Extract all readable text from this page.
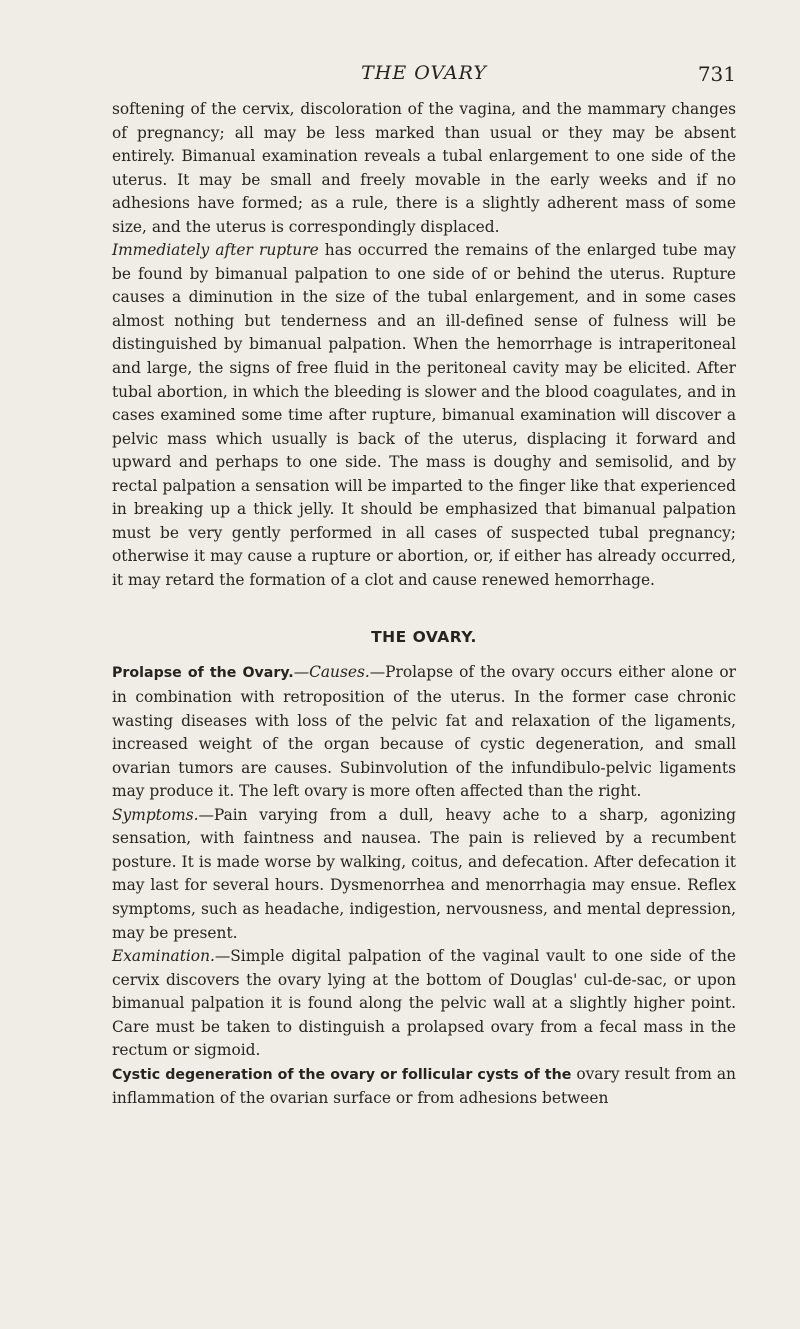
THE OVARY	731

softening of the cervix, discoloration of the vagina, and the mammary changes of pregnancy; all may be less marked than usual or they may be absent entirely. Bimanual examination reveals a tubal enlargement to one side of the uterus. It may be small and freely movable in the early weeks and if no adhesions have formed; as a rule, there is a slightly adherent mass of some size, and the uterus is correspondingly displaced.

Immediately after rupture has occurred the remains of the enlarged tube may be found by bimanual palpation to one side of or behind the uterus. Rupture causes a diminution in the size of the tubal enlargement, and in some cases almost nothing but tenderness and an ill-defined sense of fulness will be distinguished by bimanual palpation. When the hemorrhage is intraperitoneal and large, the signs of free fluid in the peritoneal cavity may be elicited. After tubal abortion, in which the bleeding is slower and the blood coagulates, and in cases examined some time after rupture, bimanual examination will discover a pelvic mass which usually is back of the uterus, displacing it forward and upward and perhaps to one side. The mass is doughy and semisolid, and by rectal palpation a sensation will be imparted to the finger like that experienced in breaking up a thick jelly. It should be emphasized that bimanual palpation must be very gently performed in all cases of suspected tubal pregnancy; otherwise it may cause a rupture or abortion, or, if either has already occurred, it may retard the formation of a clot and cause renewed hemorrhage.

THE OVARY.

Prolapse of the Ovary.—Causes.—Prolapse of the ovary occurs either alone or in combination with retroposition of the uterus. In the former case chronic wasting diseases with loss of the pelvic fat and relaxation of the ligaments, increased weight of the organ because of cystic degeneration, and small ovarian tumors are causes. Subinvolution of the infundibulo-pelvic ligaments may produce it. The left ovary is more often affected than the right.

Symptoms.—Pain varying from a dull, heavy ache to a sharp, agonizing sensation, with faintness and nausea. The pain is relieved by a recumbent posture. It is made worse by walking, coitus, and defecation. After defecation it may last for several hours. Dysmenorrhea and menorrhagia may ensue. Reflex symptoms, such as headache, indigestion, nervousness, and mental depression, may be present.

Examination.—Simple digital palpation of the vaginal vault to one side of the cervix discovers the ovary lying at the bottom of Douglas' cul-de-sac, or upon bimanual palpation it is found along the pelvic wall at a slightly higher point. Care must be taken to distinguish a prolapsed ovary from a fecal mass in the rectum or sigmoid.

Cystic degeneration of the ovary or follicular cysts of the ovary result from an inflammation of the ovarian surface or from adhesions between
